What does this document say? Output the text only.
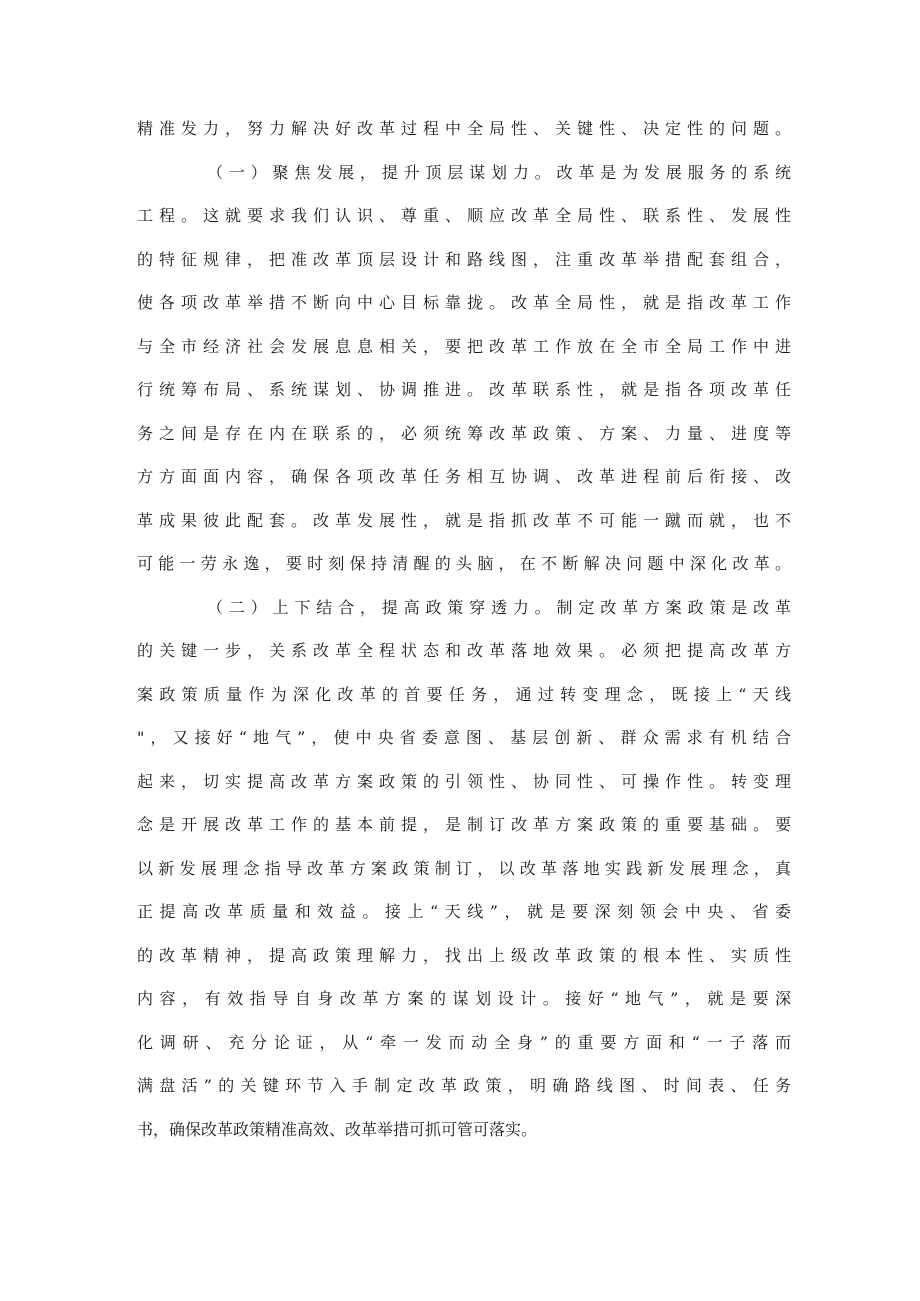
精准发力，努力解决好改革过程中全局性、关键性、决定性的问题。
（一）聚焦发展，提升顶层谋划力。改革是为发展服务的系统
工程。这就要求我们认识、尊重、顺应改革全局性、联系性、发展性
的特征规律，把准改革顶层设计和路线图，注重改革举措配套组合，
使各项改革举措不断向中心目标靠拢。改革全局性，就是指改革工作
与全市经济社会发展息息相关，要把改革工作放在全市全局工作中进
行统筹布局、系统谋划、协调推进。改革联系性，就是指各项改革任
务之间是存在内在联系的，必须统筹改革政策、方案、力量、进度等
方方面面内容，确保各项改革任务相互协调、改革进程前后衔接、改
革成果彼此配套。改革发展性，就是指抓改革不可能一蹴而就，也不
可能一劳永逸，要时刻保持清醒的头脑，在不断解决问题中深化改革。
（二）上下结合，提高政策穿透力。制定改革方案政策是改革
的关键一步，关系改革全程状态和改革落地效果。必须把提高改革方
案政策质量作为深化改革的首要任务，通过转变理念，既接上“天线
"，又接好“地气”，使中央省委意图、基层创新、群众需求有机结合
起来，切实提高改革方案政策的引领性、协同性、可操作性。转变理
念是开展改革工作的基本前提，是制订改革方案政策的重要基础。要
以新发展理念指导改革方案政策制订，以改革落地实践新发展理念，真
正提高改革质量和效益。接上“天线”，就是要深刻领会中央、省委
的改革精神，提高政策理解力，找出上级改革政策的根本性、实质性
内容，有效指导自身改革方案的谋划设计。接好“地气”，就是要深
化调研、充分论证，从“牵一发而动全身”的重要方面和“一子落而
满盘活”的关键环节入手制定改革政策，明确路线图、时间表、任务
书，确保改革政策精准高效、改革举措可抓可管可落实。
